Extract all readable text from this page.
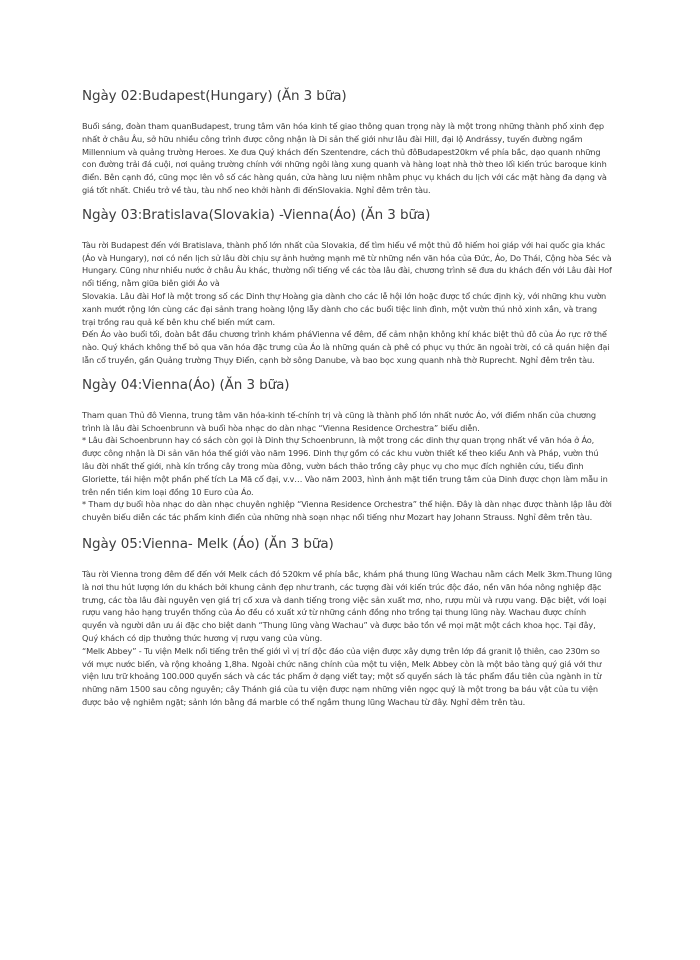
Ngày 02:Budapest(Hungary) (Ăn 3 bữa)

Buổi sáng, đoàn tham quanBudapest, trung tâm văn hóa kinh tế giao thông quan trọng này là một trong những thành phố xinh đẹp nhất ở châu Âu, sở hữu nhiều công trình được công nhận là Di sản thế giới như lâu đài Hill, đại lộ Andrássy, tuyến đường ngầm Millennium và quảng trường Heroes. Xe đưa Quý khách đến Szentendre, cách thủ đôBudapest20km về phía bắc, dạo quanh những con đường trải đá cuội, nơi quảng trường chính với những ngôi làng xung quanh và hàng loạt nhà thờ theo lối kiến trúc baroque kinh điển. Bên cạnh đó, cũng mọc lên vô số các hàng quán, cửa hàng lưu niệm nhằm phục vụ khách du lịch với các mặt hàng đa dạng và giá tốt nhất. Chiều trở về tàu, tàu nhổ neo khởi hành đi đếnSlovakia. Nghỉ đêm trên tàu.

Ngày 03:Bratislava(Slovakia) -Vienna(Áo) (Ăn 3 bữa)

Tàu rời Budapest đến với Bratislava, thành phố lớn nhất của Slovakia, để tìm hiểu về một thủ đô hiếm hoi giáp với hai quốc gia khác (Áo và Hungary), nơi có nền lịch sử lâu đời chịu sự ảnh hưởng mạnh mẽ từ những nền văn hóa của Đức, Áo, Do Thái, Cộng hòa Séc và Hungary. Cũng như nhiều nước ở châu Âu khác, thường nổi tiếng về các tòa lâu đài, chương trình sẽ đưa du khách đến với Lâu đài Hof nổi tiếng, nằm giữa biên giới Áo và

Slovakia. Lâu đài Hof là một trong số các Dinh thự Hoàng gia dành cho các lễ hội lớn hoặc được tổ chức định kỳ, với những khu vườn xanh mướt rộng lớn cùng các đại sảnh trang hoàng lộng lẫy dành cho các buổi tiệc linh đình, một vườn thú nhỏ xinh xắn, và trang trại trồng rau quả kế bên khu chế biến mứt cam.

Đến Áo vào buổi tối, đoàn bắt đầu chương trình khám pháVienna về đêm, để cảm nhận không khí khác biệt thủ đô của Áo rực rỡ thế nào. Quý khách không thể bỏ qua văn hóa đặc trưng của Áo là những quán cà phê có phục vụ thức ăn ngoài trời, có cả quán hiện đại lẫn cổ truyền, gần Quảng trường Thụy Điển, cạnh bờ sông Danube, và bao bọc xung quanh nhà thờ Ruprecht. Nghỉ đêm trên tàu.

Ngày 04:Vienna(Áo) (Ăn 3 bữa)

Tham quan Thủ đô Vienna, trung tâm văn hóa-kinh tế-chính trị và cũng là thành phố lớn nhất nước Áo, với điểm nhấn của chương trình là lâu đài Schoenbrunn và buổi hòa nhạc do dàn nhạc “Vienna Residence Orchestra” biểu diễn.

* Lâu đài Schoenbrunn hay có sách còn gọi là Dinh thự Schoenbrunn, là một trong các dinh thự quan trọng nhất về văn hóa ở Áo, được công nhận là Di sản văn hóa thế giới vào năm 1996. Dinh thự gồm có các khu vườn thiết kế theo kiểu Anh và Pháp, vườn thú lâu đời nhất thế giới, nhà kín trồng cây trong mùa đông, vườn bách thảo trồng cây phục vụ cho mục đích nghiên cứu, tiểu đình Gloriette, tái hiện một phần phế tích La Mã cổ đại, v.v… Vào năm 2003, hình ảnh mặt tiền trung tâm của Dinh được chọn làm mẫu in trên nền tiền kim loại đồng 10 Euro của Áo.

* Tham dự buổi hòa nhạc do dàn nhạc chuyên nghiệp “Vienna Residence Orchestra” thể hiện. Đây là dàn nhạc được thành lập lâu đời chuyên biểu diễn các tác phẩm kinh điển của những nhà soạn nhạc nổi tiếng như Mozart hay Johann Strauss. Nghỉ đêm trên tàu.

Ngày 05:Vienna- Melk (Áo) (Ăn 3 bữa)

Tàu rời Vienna trong đêm để đến với Melk cách đó 520km về phía bắc, khám phá thung lũng Wachau nằm cách Melk 3km.Thung lũng là nơi thu hút lượng lớn du khách bởi khung cảnh đẹp như tranh, các tượng đài với kiến trúc độc đáo, nền văn hóa nông nghiệp đặc trưng, các tòa lâu đài nguyên vẹn giá trị cổ xưa và danh tiếng trong việc sản xuất mơ, nho, rượu mùi và rượu vang. Đặc biệt, với loại rượu vang hảo hạng truyền thống của Áo đều có xuất xứ từ những cánh đồng nho trồng tại thung lũng này. Wachau được chính quyền và người dân ưu ái đặc cho biệt danh “Thung lũng vàng Wachau” và được bảo tồn về mọi mặt một cách khoa học. Tại đây, Quý khách có dịp thưởng thức hương vị rượu vang của vùng.

“Melk Abbey” - Tu viện Melk nổi tiếng trên thế giới vì vị trí độc đáo của viện được xây dựng trên lớp đá granit lộ thiên, cao 230m so với mực nước biển, và rộng khoảng 1,8ha. Ngoài chức năng chính của một tu viện, Melk Abbey còn là một bảo tàng quý giá với thư viện lưu trữ khoảng 100.000 quyển sách và các tác phẩm ở dạng viết tay; một số quyển sách là tác phẩm đầu tiên của ngành in từ những năm 1500 sau công nguyên; cây Thánh giá của tu viện được nạm những viên ngọc quý là một trong ba báu vật của tu viện được bảo vệ nghiêm ngặt; sảnh lớn bằng đá marble có thể ngắm thung lũng Wachau từ đây. Nghỉ đêm trên tàu.
